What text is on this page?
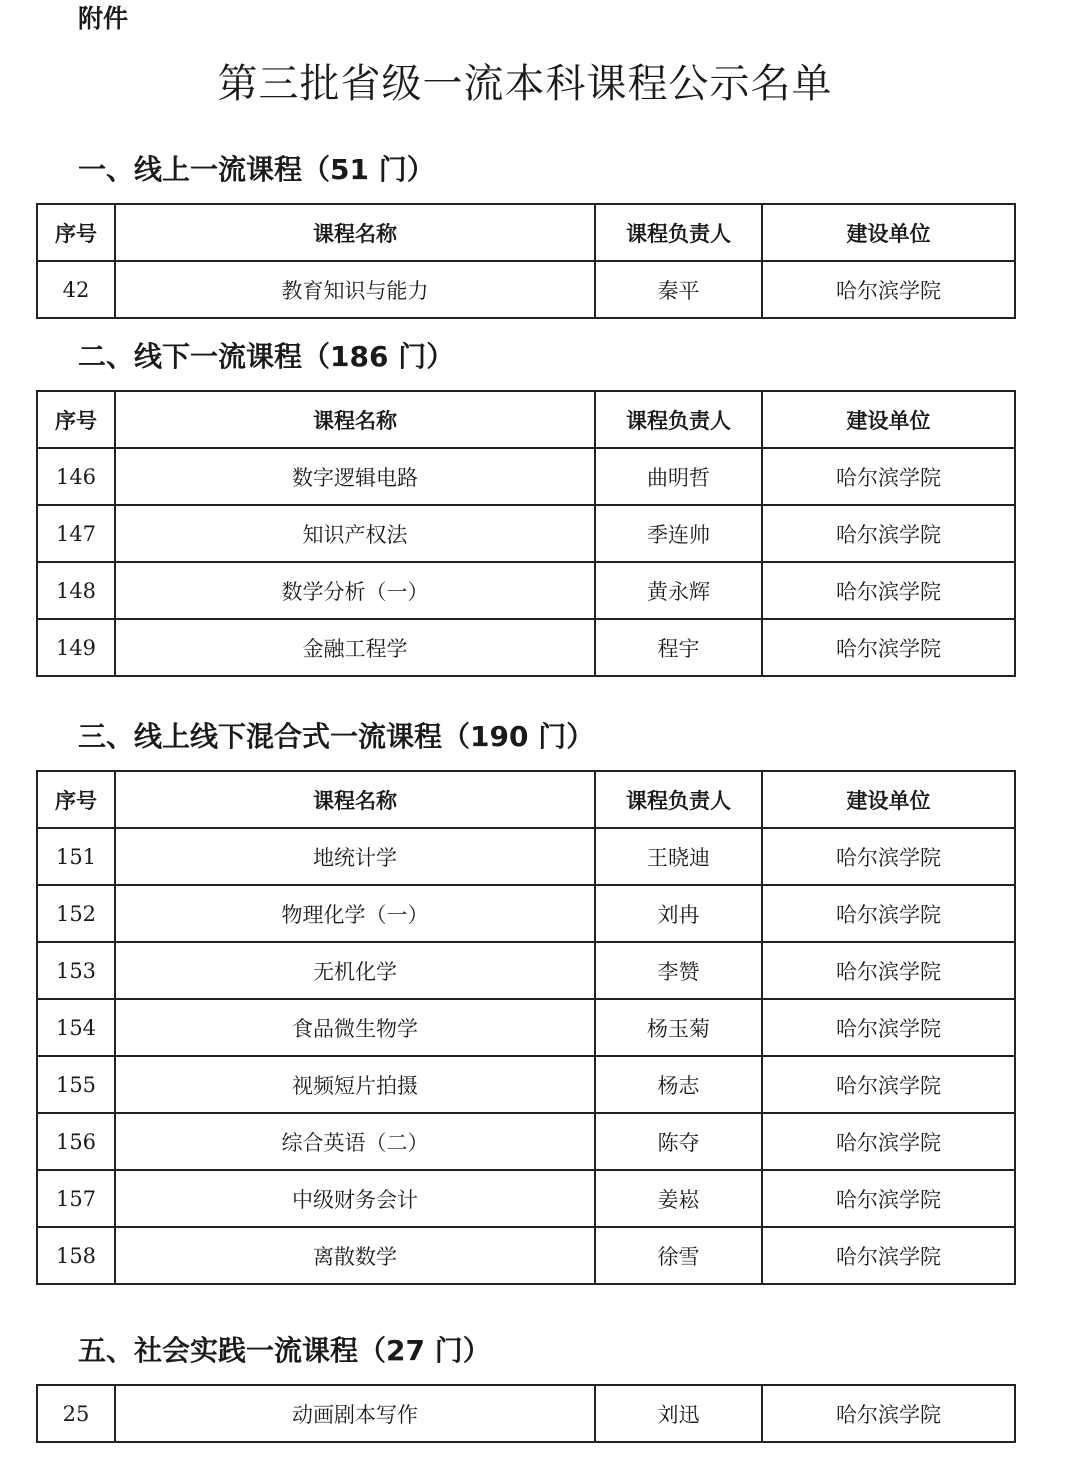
附件
第三批省级一流本科课程公示名单
一、线上一流课程（51 门）
序号	课程名称	课程负责人	建设单位
42	教育知识与能力	秦平	哈尔滨学院
二、线下一流课程（186 门）
序号	课程名称	课程负责人	建设单位
146	数字逻辑电路	曲明哲	哈尔滨学院
147	知识产权法	季连帅	哈尔滨学院
148	数学分析（一）	黄永辉	哈尔滨学院
149	金融工程学	程宇	哈尔滨学院
三、线上线下混合式一流课程（190 门）
序号	课程名称	课程负责人	建设单位
151	地统计学	王晓迪	哈尔滨学院
152	物理化学（一）	刘冉	哈尔滨学院
153	无机化学	李赞	哈尔滨学院
154	食品微生物学	杨玉菊	哈尔滨学院
155	视频短片拍摄	杨志	哈尔滨学院
156	综合英语（二）	陈夺	哈尔滨学院
157	中级财务会计	姜崧	哈尔滨学院
158	离散数学	徐雪	哈尔滨学院
五、社会实践一流课程（27 门）
25	动画剧本写作	刘迅	哈尔滨学院
